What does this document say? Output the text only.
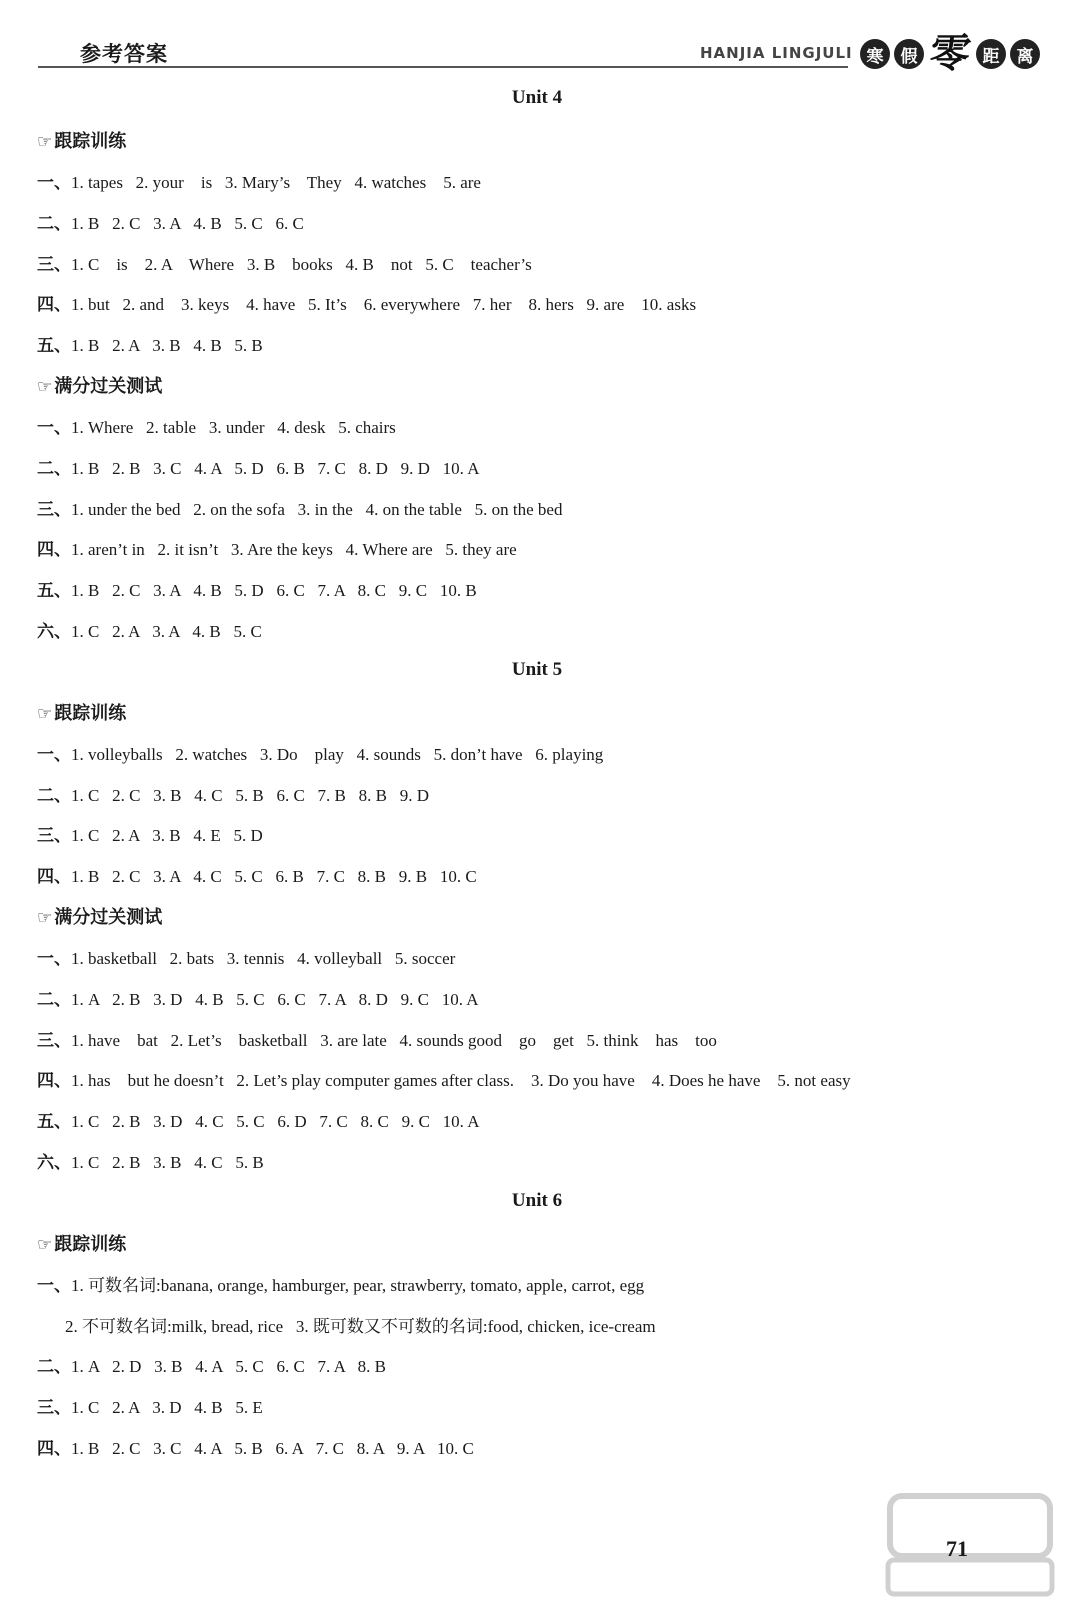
参考答案	HANJIA LINGJULI 寒	假 零 距	离
Unit 4
☞ 跟踪训练
一、1. tapes   2. your    is   3. Mary’s    They   4. watches    5. are
二、1. B   2. C   3. A   4. B   5. C   6. C
三、1. C    is    2. A    Where   3. B    books   4. B    not   5. C    teacher’s
四、1. but   2. and    3. keys    4. have   5. It’s    6. everywhere   7. her    8. hers   9. are    10. asks
五、1. B   2. A   3. B   4. B   5. B
☞ 满分过关测试
一、1. Where   2. table   3. under   4. desk   5. chairs
二、1. B   2. B   3. C   4. A   5. D   6. B   7. C   8. D   9. D   10. A
三、1. under the bed   2. on the sofa   3. in the   4. on the table   5. on the bed
四、1. aren’t in   2. it isn’t   3. Are the keys   4. Where are   5. they are
五、1. B   2. C   3. A   4. B   5. D   6. C   7. A   8. C   9. C   10. B
六、1. C   2. A   3. A   4. B   5. C
Unit 5
☞ 跟踪训练
一、1. volleyballs   2. watches   3. Do    play   4. sounds   5. don’t have   6. playing
二、1. C   2. C   3. B   4. C   5. B   6. C   7. B   8. B   9. D
三、1. C   2. A   3. B   4. E   5. D
四、1. B   2. C   3. A   4. C   5. C   6. B   7. C   8. B   9. B   10. C
☞ 满分过关测试
一、1. basketball   2. bats   3. tennis   4. volleyball   5. soccer
二、1. A   2. B   3. D   4. B   5. C   6. C   7. A   8. D   9. C   10. A
三、1. have    bat   2. Let’s    basketball   3. are late   4. sounds good    go    get   5. think    has    too
四、1. has    but he doesn’t   2. Let’s play computer games after class.    3. Do you have    4. Does he have    5. not easy
五、1. C   2. B   3. D   4. C   5. C   6. D   7. C   8. C   9. C   10. A
六、1. C   2. B   3. B   4. C   5. B
Unit 6
☞ 跟踪训练
一、1. 可数名词:banana, orange, hamburger, pear, strawberry, tomato, apple, carrot, egg
2. 不可数名词:milk, bread, rice   3. 既可数又不可数的名词:food, chicken, ice-cream
二、1. A   2. D   3. B   4. A   5. C   6. C   7. A   8. B
三、1. C   2. A   3. D   4. B   5. E
四、1. B   2. C   3. C   4. A   5. B   6. A   7. C   8. A   9. A   10. C
71
